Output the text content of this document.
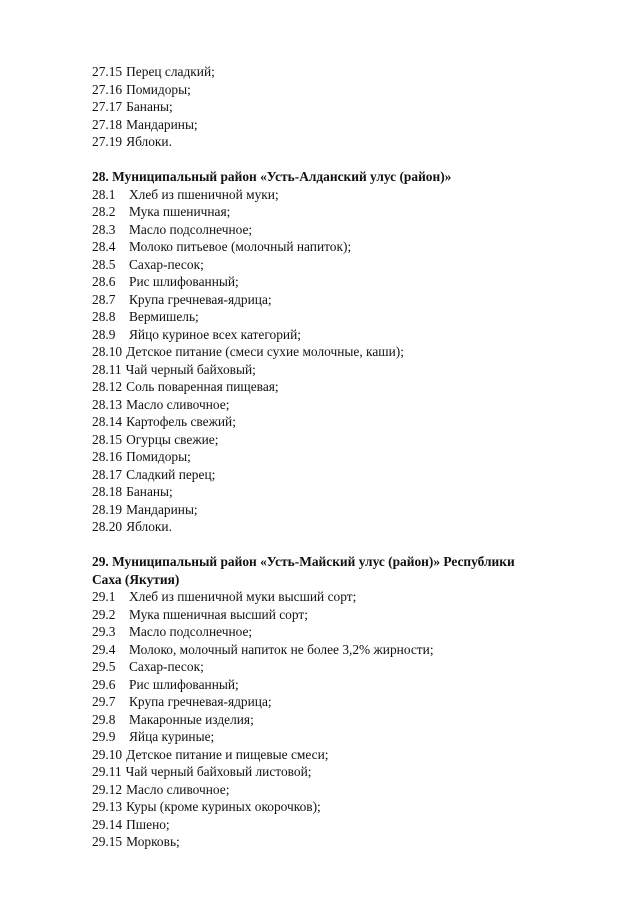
27.15 Перец сладкий;
27.16 Помидоры;
27.17 Бананы;
27.18 Мандарины;
27.19 Яблоки.
28. Муниципальный район «Усть-Алданский улус (район)»
28.1 Хлеб из пшеничной муки;
28.2 Мука пшеничная;
28.3 Масло подсолнечное;
28.4 Молоко питьевое (молочный напиток);
28.5 Сахар-песок;
28.6 Рис шлифованный;
28.7 Крупа гречневая-ядрица;
28.8 Вермишель;
28.9 Яйцо куриное всех категорий;
28.10 Детское питание (смеси сухие молочные, каши);
28.11 Чай черный байховый;
28.12 Соль поваренная пищевая;
28.13 Масло сливочное;
28.14 Картофель свежий;
28.15 Огурцы свежие;
28.16 Помидоры;
28.17 Сладкий перец;
28.18 Бананы;
28.19 Мандарины;
28.20 Яблоки.
29. Муниципальный район «Усть-Майский улус (район)» Республики
Саха (Якутия)
29.1 Хлеб из пшеничной муки высший сорт;
29.2 Мука пшеничная высший сорт;
29.3 Масло подсолнечное;
29.4 Молоко, молочный напиток не более 3,2% жирности;
29.5 Сахар-песок;
29.6 Рис шлифованный;
29.7 Крупа гречневая-ядрица;
29.8 Макаронные изделия;
29.9 Яйца куриные;
29.10 Детское питание и пищевые смеси;
29.11 Чай черный байховый листовой;
29.12 Масло сливочное;
29.13 Куры (кроме куриных окорочков);
29.14 Пшено;
29.15 Морковь;
